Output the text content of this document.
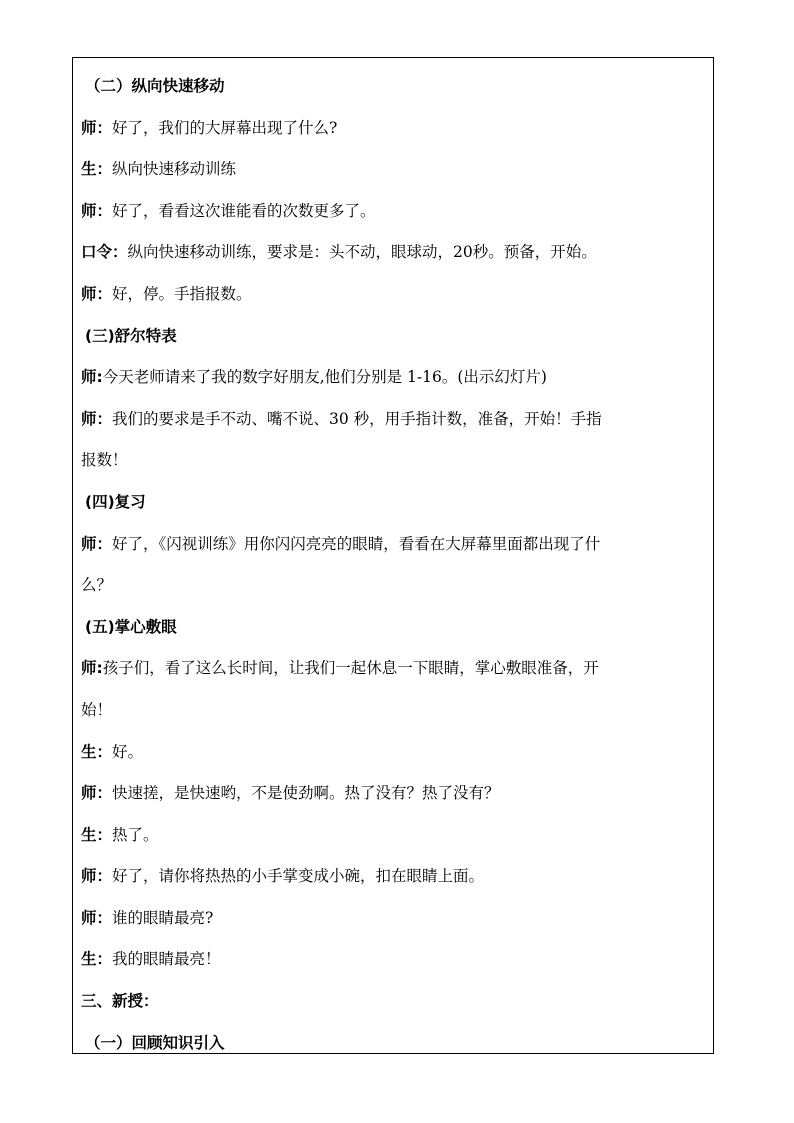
（二）纵向快速移动
师：好了，我们的大屏幕出现了什么?
生：纵向快速移动训练
师：好了，看看这次谁能看的次数更多了。
口令：纵向快速移动训练，要求是：头不动，眼球动，20秒。预备，开始。
师：好，停。手指报数。
(三)舒尔特表
师:今天老师请来了我的数字好朋友,他们分别是 1-16。(出示幻灯片)
师：我们的要求是手不动、嘴不说、30 秒，用手指计数，准备，开始！手指
报数！
(四)复习
师：好了，《闪视训练》用你闪闪亮亮的眼睛，看看在大屏幕里面都出现了什
么？
(五)掌心敷眼
师:孩子们，看了这么长时间，让我们一起休息一下眼睛，掌心敷眼准备，开
始！
生：好。
师：快速搓，是快速哟，不是使劲啊。热了没有？热了没有？
生：热了。
师：好了，请你将热热的小手掌变成小碗，扣在眼睛上面。
师：谁的眼睛最亮?
生：我的眼睛最亮！
三、新授：
（一）回顾知识引入
